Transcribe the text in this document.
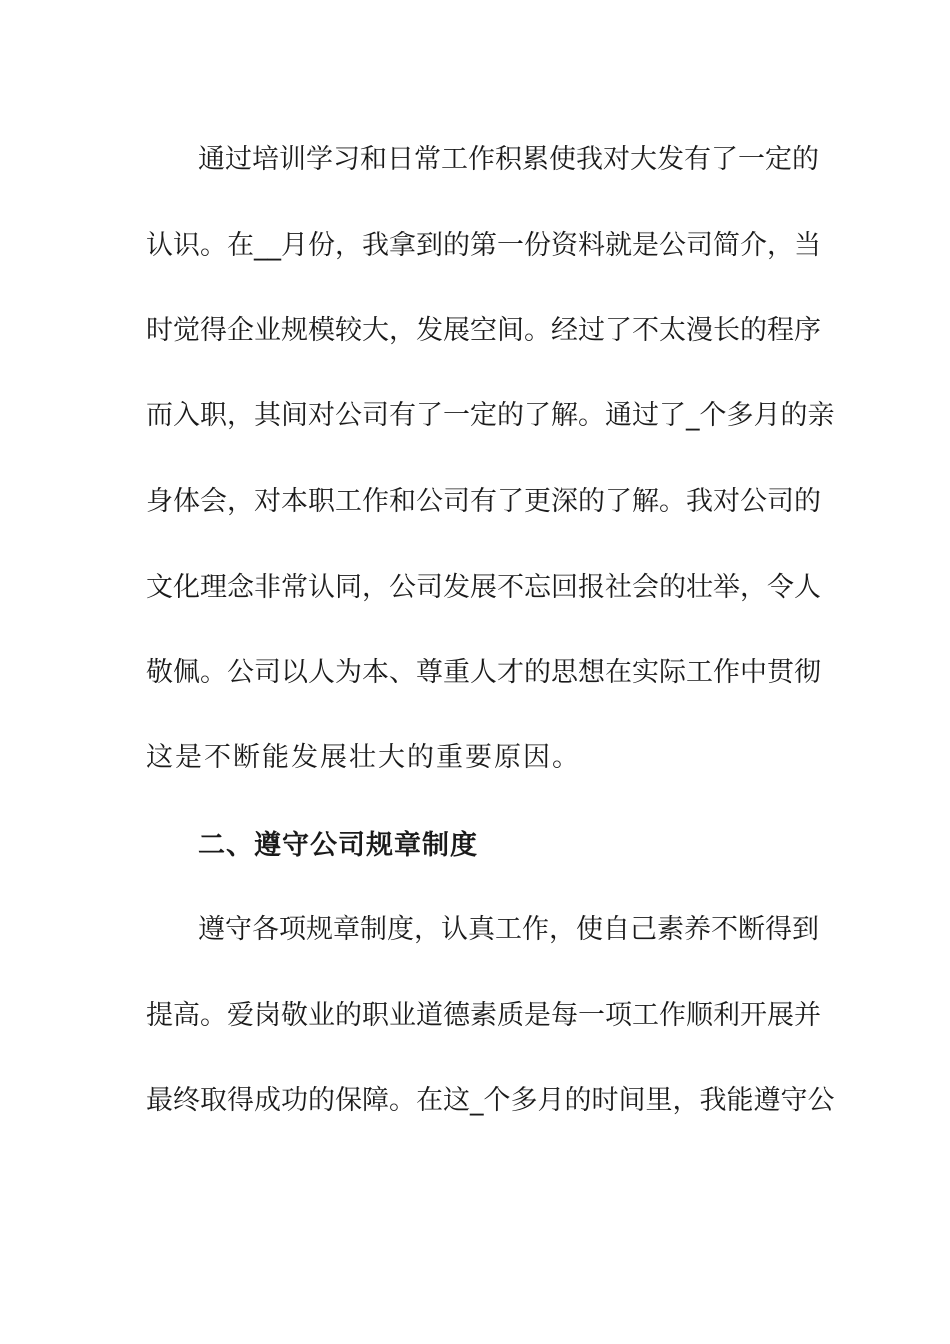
通过培训学习和日常工作积累使我对大发有了一定的
认识。在__月份，我拿到的第一份资料就是公司简介，当
时觉得企业规模较大，发展空间。经过了不太漫长的程序
而入职，其间对公司有了一定的了解。通过了_个多月的亲
身体会，对本职工作和公司有了更深的了解。我对公司的
文化理念非常认同，公司发展不忘回报社会的壮举，令人
敬佩。公司以人为本、尊重人才的思想在实际工作中贯彻
这是不断能发展壮大的重要原因。
二、遵守公司规章制度
遵守各项规章制度，认真工作，使自己素养不断得到
提高。爱岗敬业的职业道德素质是每一项工作顺利开展并
最终取得成功的保障。在这_个多月的时间里，我能遵守公
